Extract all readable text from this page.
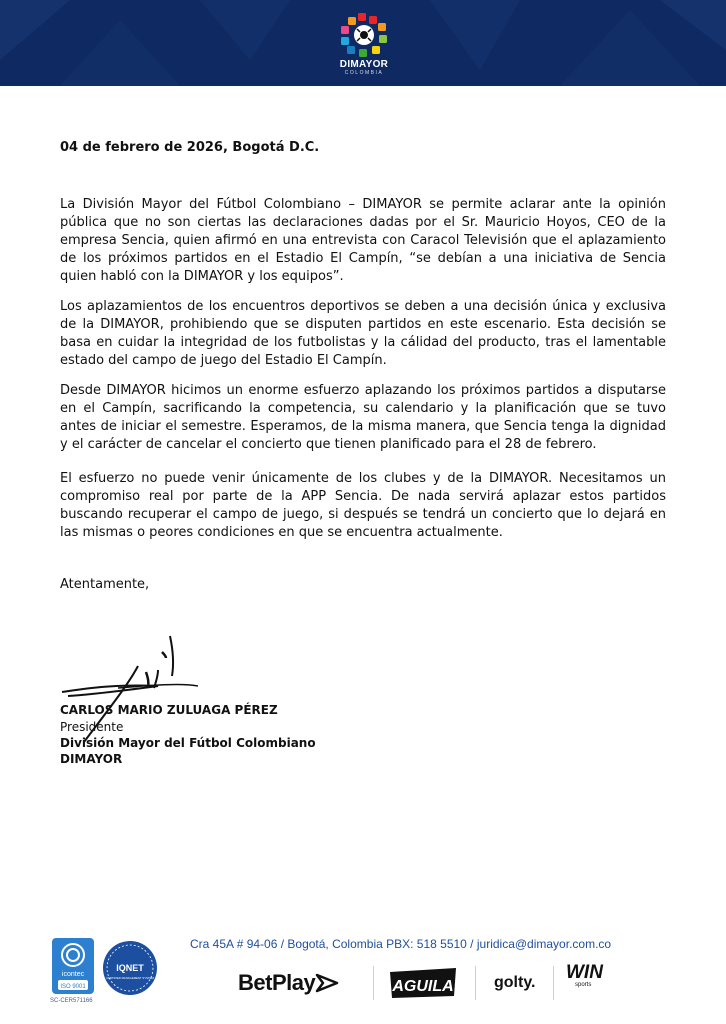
DIMAYOR
COLOMBIA
04 de febrero de 2026, Bogotá D.C.

La División Mayor del Fútbol Colombiano – DIMAYOR se permite aclarar ante la opinión pública que no son ciertas las declaraciones dadas por el Sr. Mauricio Hoyos, CEO de la empresa Sencia, quien afirmó en una entrevista con Caracol Televisión que el aplazamiento de los próximos partidos en el Estadio El Campín, “se debían a una iniciativa de Sencia quien habló con la DIMAYOR y los equipos”.

Los aplazamientos de los encuentros deportivos se deben a una decisión única y exclusiva de la DIMAYOR, prohibiendo que se disputen partidos en este escenario. Esta decisión se basa en cuidar la integridad de los futbolistas y la cálidad del producto, tras el lamentable estado del campo de juego del Estadio El Campín.

Desde DIMAYOR hicimos un enorme esfuerzo aplazando los próximos partidos a disputarse en el Campín, sacrificando la competencia, su calendario y la planificación que se tuvo antes de iniciar el semestre. Esperamos, de la misma manera, que Sencia tenga la dignidad y el carácter de cancelar el concierto que tienen planificado para el 28 de febrero.

El esfuerzo no puede venir únicamente de los clubes y de la DIMAYOR. Necesitamos un compromiso real por parte de la APP Sencia. De nada servirá aplazar estos partidos buscando recuperar el campo de juego, si después se tendrá un concierto que lo dejará en las mismas o peores condiciones en que se encuentra actualmente.

Atentamente,
CARLOS MARIO ZULUAGA PÉREZ
Presidente
División Mayor del Fútbol Colombiano
DIMAYOR
Cra 45A # 94-06 / Bogotá, Colombia PBX: 518 5510 / juridica@dimayor.com.co
icontec
ISO 9001
SC-CER571166
IQNET
CERTIFIED MANAGEMENT SYSTEM	BetPlay	AGUILA	golty. WIN
sports
